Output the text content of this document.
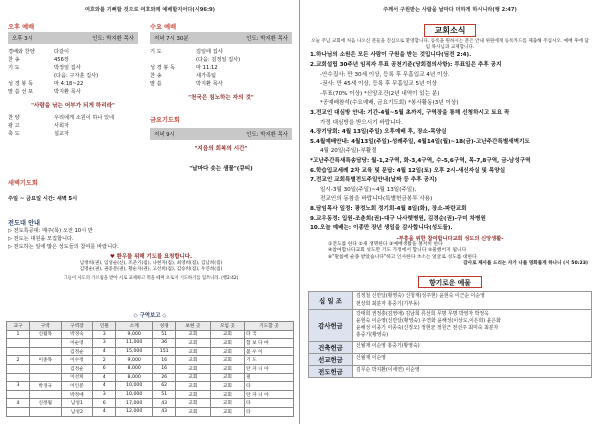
여호와를 기뻐할 것으로 여호와께 예배할지어다(시96:9)
오후 예배
오후 3시	인도: 박지환 목사
경배와 찬양	다같이
찬 송	456장
기 도	박정일 집사
(다음: 구자훈 집사)
성 경 봉 독	마 4:18~22
말 씀 선 포	박지환 목사
"사람을 낚는 어부가 되게 하리라"
찬 양	우리에게 소원이 하나 있네
광 고	사회자
축 도	설교자
수요 예배
저녁 7시 30분	인도: 박지환 목사
기 도	김일태 집사
(다음: 김정일 집사)
성 경 봉 독	마 11:12
찬 송	새가족팀
말 씀	박지환 목사
"천국은 침노하는 자의 것"
금요기도회
저녁 9시	인도: 박지환 목사
"지음의 회복의 시간"
"날마다 솟는 샘물"(큐티)
새벽기도회
주일 ~ 금요일 시간: 새벽 5시
전도대 안내
▷ 전도특공대: 매주(목) 오전 10시 반
▷ 전도는 대원을 모집합니다.
▷ 전도하는 일에 많은 성도들의 참여를 바랍니다.
♥ 환우를 위해 기도를 요청합니다.
남정희(권), 임성순(신), 조준기(집), 나현자(집), 최영희(집), 김남희(집)
김명순(권), 권중분(권), 황순자(권), 고선희(집), 김승희(집), 우연희(집)
그들이 사도의 가르침을 받아 서로 교제하고 떡을 떼며 오로지 기도하기를 힘쓰니라. (행2:42)
◇ 구역보고 ◇
교구	구역	구역장	인원	소계	성경	보현 곳	모임 곳	기도할 곳
1	신월목	박경숙	3	9,000	51	교회	교회	타 국
		이순영	3	11,000	36	교회	교회	합 보 다 마
		김정순	4	15,000	151	교회	교회	불 우 이
2	이종목	이수정	2	9,000	16	교회	교회	기 도
		김정순	6	8,000	16	교회	교회	탄 자 니 아
		이선희	4	8,000	26	교회	교회	필
3	박경규	이인분	4	10,000	62	교회	교회	타
		박정애	3	10,000	51	교회	교회	탄 자 니 아
4	신정월	남성1	6	17,000	43	교회	교회	타
		남성2	4	12,000	43	교회	교회	타
주께서 구원받는 사람을 날마다 더하게 하시니라(행 2:47)
교회소식
오늘 주님 교회에 처음 나오신 분들을 진심으로 환영합니다. 등록을 원하시는 분은 안내 위원에게 등록카드를 제출해 주십시오. 예배 후에 담임 목사님과 교제합니다.

1.하나님의 소원은 모든 사람이 구원을 받는 것입니다(딤전 2:4).

2.교회설립 30주년 임직자 투표 공천기준(당회결의사항): 투표일은 추후 공지

-안수집사: 만 30세 이상, 등록 후 무흠입교 4년 이상.

-권사: 만 45세 이상, 등록 후 무흠입교 5년 이상

-투표(70% 이상) *신앙조건(2년 내역이 있는 분)

*공예배참석(수요예배, 금요기도회) *봉사활동(3년 이상)

3.전교인 대심방 안내: 기간-4월~5월 초까지, 구역장을 통해 신청하시고 토요 꼭

가정 대심방을 받으시기 바랍니다.

4.장기당회: 4월 13일(주일) 오후예배 후, 장소-목양실

5.4월예배안내: 4월13일(주일)-성례주일, 4월14일(월)~18(금)-고난주간특별새벽기도

4월 20일(주일)-부활절

*고난주간특새특송담당: 월-1,2구역, 화-3,4구역, 수-5,6구역, 목-7,8구역, 금-남성구역

6.학습입교세례 2차 교육 및 문답: 4월 12일(토) 오후 2시-새신자실 및 목양실

7.전교인 교회특별전도주일안내(날짜 등 추후 공지)

일시-3월 30일(주일)~4월 13일(주일),

전교인의 동참을 바랍니다(특별헌금봉투 사용)

8.담임목사 일정: 광정노회 정기회-4월 8일(화), 장소-파란교회

9.교우동정: 입원-조춘희(권)-대구 나사렛병원, 김경순(권)-구미 차병원

10.오늘 예배는: 이종만 장년 생일을 감사합니다(성도들).

-부흥을 위한 참여합니다교회 성도의 신앙생활-
①전도를 한다 ②새 생명한다 ③예배생활을 철저히 한다
④참여합니다교회 성도만 기도 가정에서 합니다 ⑤물했어지 됩니다
⑥"말씀에 순종 받았습니다"하고 인사한다 ⑦소는 얼굴로 성도를 대한다
감사로 제사를 드리는 자가 나를 영화롭게 하나니 (시 50:23)
향기로운 예물
십 일 조	김정철 신만달(황영숙) 신청재(성주현) 윤현숙 이근순 이순영
천상희 최분자 홍중기(기부동)
감사헌금	강태희 권정충(김영애) 김남희 류선희 무명 무명 박영자 박정옥
윤현숙 이순영(신만달(황영숙) 우연화 윤해성(이상도,이은희) 윤은화
윤해성 이종기 이종숙(신정오) 정현균 정원근 천선주 최미숙 최분자
홍중기(황영숙)
건축헌금	신월재 이순영 홍중기(황영숙)
선교헌금	신월재 이순영
전도헌금	김무순 박지환(이세연) 이순영
